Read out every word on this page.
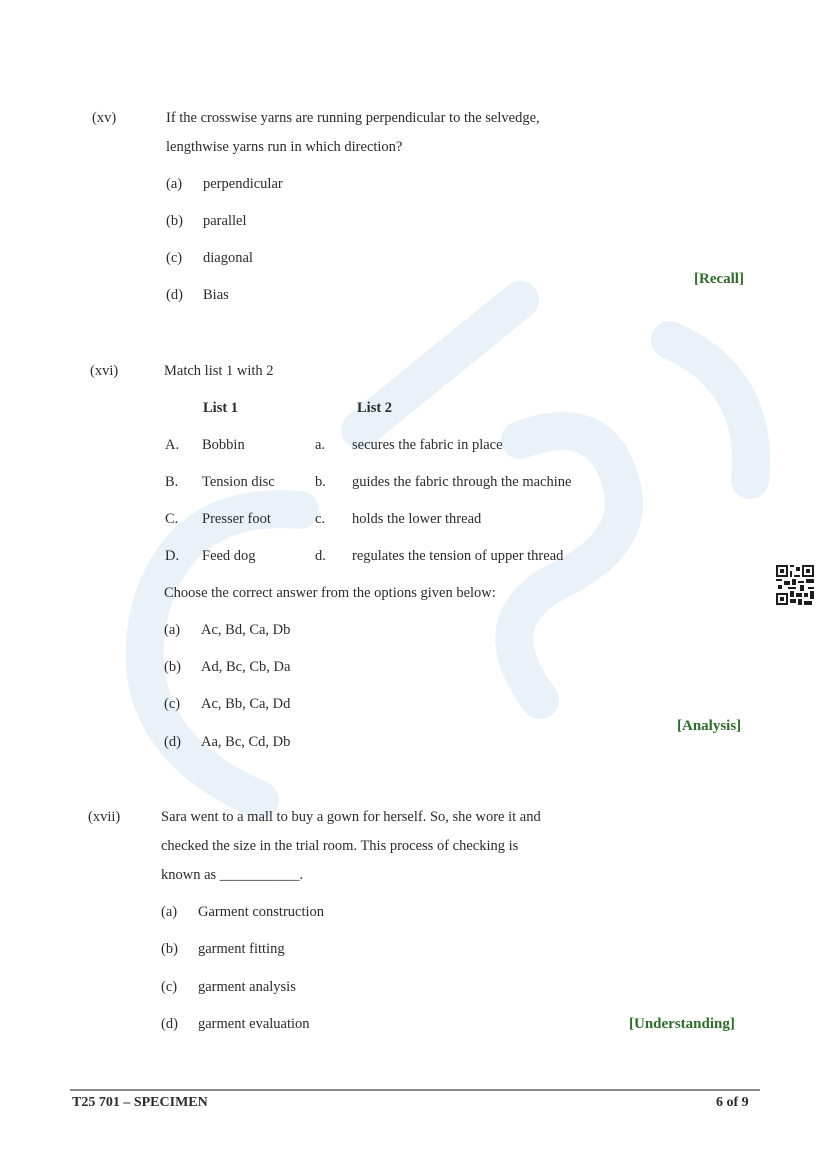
(xv)	If the crosswise yarns are running perpendicular to the selvedge,
lengthwise yarns run in which direction?
(a) perpendicular
(b) parallel
(c) diagonal
(d) Bias
[Recall]
(xvi)	Match list 1 with 2
List 1	List 2
A. Bobbin	a. secures the fabric in place
B. Tension disc	b. guides the fabric through the machine
C. Presser foot	c. holds the lower thread
D. Feed dog	d. regulates the tension of upper thread
Choose the correct answer from the options given below:
(a) Ac, Bd, Ca, Db
(b) Ad, Bc, Cb, Da
(c) Ac, Bb, Ca, Dd
(d) Aa, Bc, Cd, Db
[Analysis]
(xvii)	Sara went to a mall to buy a gown for herself. So, she wore it and
checked the size in the trial room. This process of checking is
known as ___________.
(a) Garment construction
(b) garment fitting
(c) garment analysis
(d) garment evaluation	[Understanding]
T25 701 – SPECIMEN	6 of 9
